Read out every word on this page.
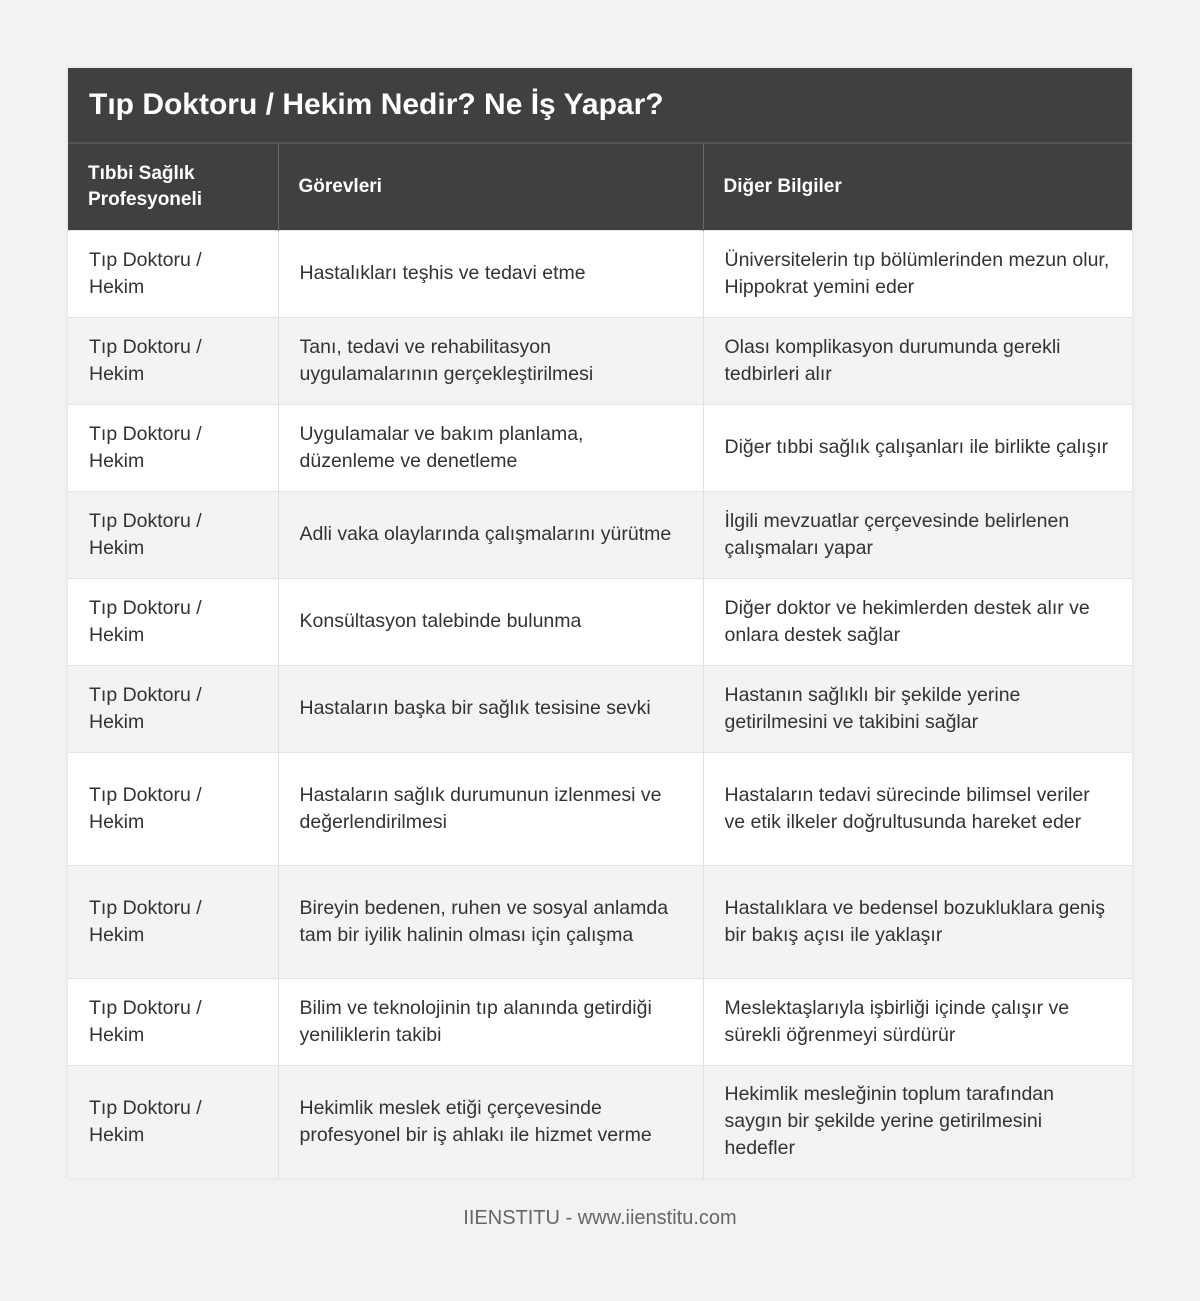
Tıp Doktoru / Hekim Nedir? Ne İş Yapar?
Tıbbi Sağlık Profesyoneli	Görevleri	Diğer Bilgiler
Tıp Doktoru / Hekim	Hastalıkları teşhis ve tedavi etme	Üniversitelerin tıp bölümlerinden mezun olur, Hippokrat yemini eder
Tıp Doktoru / Hekim	Tanı, tedavi ve rehabilitasyon uygulamalarının gerçekleştirilmesi	Olası komplikasyon durumunda gerekli tedbirleri alır
Tıp Doktoru / Hekim	Uygulamalar ve bakım planlama, düzenleme ve denetleme	Diğer tıbbi sağlık çalışanları ile birlikte çalışır
Tıp Doktoru / Hekim	Adli vaka olaylarında çalışmalarını yürütme	İlgili mevzuatlar çerçevesinde belirlenen çalışmaları yapar
Tıp Doktoru / Hekim	Konsültasyon talebinde bulunma	Diğer doktor ve hekimlerden destek alır ve onlara destek sağlar
Tıp Doktoru / Hekim	Hastaların başka bir sağlık tesisine sevki	Hastanın sağlıklı bir şekilde yerine getirilmesini ve takibini sağlar
Tıp Doktoru / Hekim	Hastaların sağlık durumunun izlenmesi ve değerlendirilmesi	Hastaların tedavi sürecinde bilimsel veriler ve etik ilkeler doğrultusunda hareket eder
Tıp Doktoru / Hekim	Bireyin bedenen, ruhen ve sosyal anlamda tam bir iyilik halinin olması için çalışma	Hastalıklara ve bedensel bozukluklara geniş bir bakış açısı ile yaklaşır
Tıp Doktoru / Hekim	Bilim ve teknolojinin tıp alanında getirdiği yeniliklerin takibi	Meslektaşlarıyla işbirliği içinde çalışır ve sürekli öğrenmeyi sürdürür
Tıp Doktoru / Hekim	Hekimlik meslek etiği çerçevesinde profesyonel bir iş ahlakı ile hizmet verme	Hekimlik mesleğinin toplum tarafından saygın bir şekilde yerine getirilmesini hedefler
IIENSTITU - www.iienstitu.com
